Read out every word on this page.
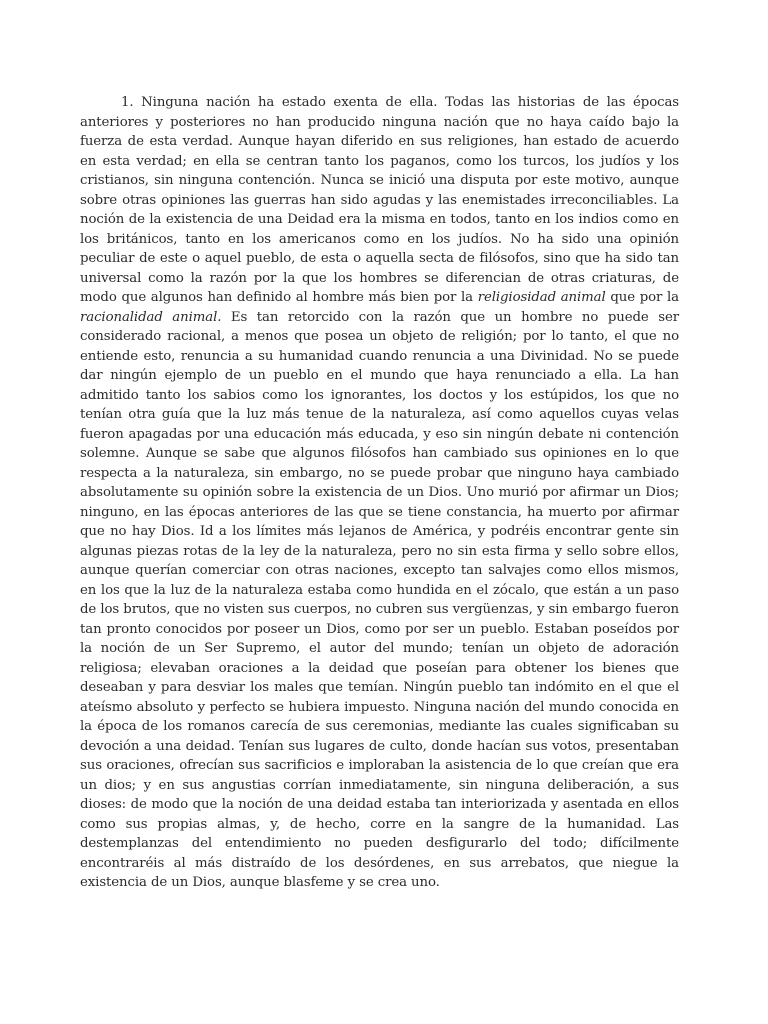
1. Ninguna nación ha estado exenta de ella. Todas las historias de las épocas anteriores y posteriores no han producido ninguna nación que no haya caído bajo la fuerza de esta verdad. Aunque hayan diferido en sus religiones, han estado de acuerdo en esta verdad; en ella se centran tanto los paganos, como los turcos, los judíos y los cristianos, sin ninguna contención. Nunca se inició una disputa por este motivo, aunque sobre otras opiniones las guerras han sido agudas y las enemistades irreconciliables. La noción de la existencia de una Deidad era la misma en todos, tanto en los indios como en los británicos, tanto en los americanos como en los judíos. No ha sido una opinión peculiar de este o aquel pueblo, de esta o aquella secta de filósofos, sino que ha sido tan universal como la razón por la que los hombres se diferencian de otras criaturas, de modo que algunos han definido al hombre más bien por la religiosidad animal que por la racionalidad animal. Es tan retorcido con la razón que un hombre no puede ser considerado racional, a menos que posea un objeto de religión; por lo tanto, el que no entiende esto, renuncia a su humanidad cuando renuncia a una Divinidad. No se puede dar ningún ejemplo de un pueblo en el mundo que haya renunciado a ella. La han admitido tanto los sabios como los ignorantes, los doctos y los estúpidos, los que no tenían otra guía que la luz más tenue de la naturaleza, así como aquellos cuyas velas fueron apagadas por una educación más educada, y eso sin ningún debate ni contención solemne. Aunque se sabe que algunos filósofos han cambiado sus opiniones en lo que respecta a la naturaleza, sin embargo, no se puede probar que ninguno haya cambiado absolutamente su opinión sobre la existencia de un Dios. Uno murió por afirmar un Dios; ninguno, en las épocas anteriores de las que se tiene constancia, ha muerto por afirmar que no hay Dios. Id a los límites más lejanos de América, y podréis encontrar gente sin algunas piezas rotas de la ley de la naturaleza, pero no sin esta firma y sello sobre ellos, aunque querían comerciar con otras naciones, excepto tan salvajes como ellos mismos, en los que la luz de la naturaleza estaba como hundida en el zócalo, que están a un paso de los brutos, que no visten sus cuerpos, no cubren sus vergüenzas, y sin embargo fueron tan pronto conocidos por poseer un Dios, como por ser un pueblo. Estaban poseídos por la noción de un Ser Supremo, el autor del mundo; tenían un objeto de adoración religiosa; elevaban oraciones a la deidad que poseían para obtener los bienes que deseaban y para desviar los males que temían. Ningún pueblo tan indómito en el que el ateísmo absoluto y perfecto se hubiera impuesto. Ninguna nación del mundo conocida en la época de los romanos carecía de sus ceremonias, mediante las cuales significaban su devoción a una deidad. Tenían sus lugares de culto, donde hacían sus votos, presentaban sus oraciones, ofrecían sus sacrificios e imploraban la asistencia de lo que creían que era un dios; y en sus angustias corrían inmediatamente, sin ninguna deliberación, a sus dioses: de modo que la noción de una deidad estaba tan interiorizada y asentada en ellos como sus propias almas, y, de hecho, corre en la sangre de la humanidad. Las destemplanzas del entendimiento no pueden desfigurarlo del todo; difícilmente encontraréis al más distraído de los desórdenes, en sus arrebatos, que niegue la existencia de un Dios, aunque blasfeme y se crea uno.
